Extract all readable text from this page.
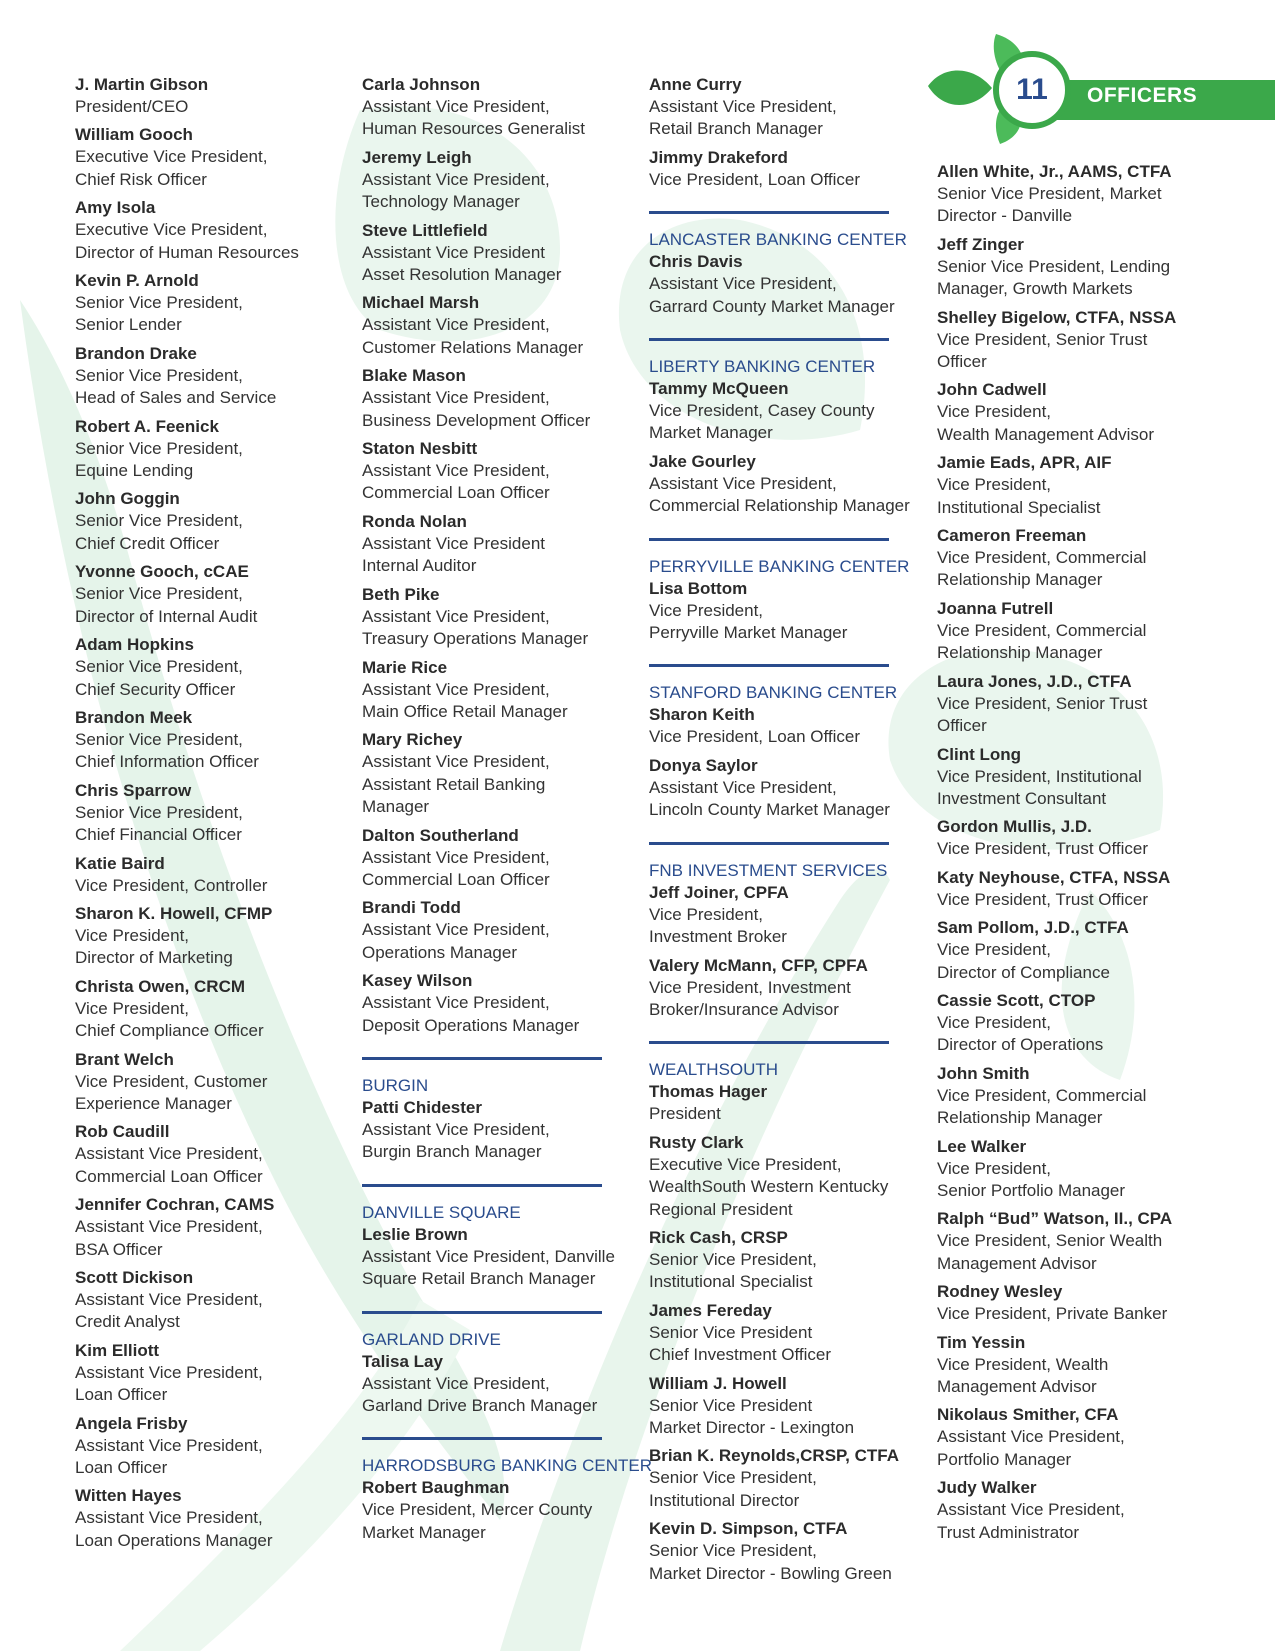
11 OFFICERS
J. Martin Gibson
President/CEO
William Gooch
Executive Vice President,
Chief Risk Officer
Amy Isola
Executive Vice President,
Director of Human Resources
Kevin P. Arnold
Senior Vice President,
Senior Lender
Brandon Drake
Senior Vice President,
Head of Sales and Service
Robert A. Feenick
Senior Vice President,
Equine Lending
John Goggin
Senior Vice President,
Chief Credit Officer
Yvonne Gooch, cCAE
Senior Vice President,
Director of Internal Audit
Adam Hopkins
Senior Vice President,
Chief Security Officer
Brandon Meek
Senior Vice President,
Chief Information Officer
Chris Sparrow
Senior Vice President,
Chief Financial Officer
Katie Baird
Vice President, Controller
Sharon K. Howell, CFMP
Vice President,
Director of Marketing
Christa Owen, CRCM
Vice President,
Chief Compliance Officer
Brant Welch
Vice President, Customer
Experience Manager
Rob Caudill
Assistant Vice President,
Commercial Loan Officer
Jennifer Cochran, CAMS
Assistant Vice President,
BSA Officer
Scott Dickison
Assistant Vice President,
Credit Analyst
Kim Elliott
Assistant Vice President,
Loan Officer
Angela Frisby
Assistant Vice President,
Loan Officer
Witten Hayes
Assistant Vice President,
Loan Operations Manager
Carla Johnson
Assistant Vice President,
Human Resources Generalist
Jeremy Leigh
Assistant Vice President,
Technology Manager
Steve Littlefield
Assistant Vice President
Asset Resolution Manager
Michael Marsh
Assistant Vice President,
Customer Relations Manager
Blake Mason
Assistant Vice President,
Business Development Officer
Staton Nesbitt
Assistant Vice President,
Commercial Loan Officer
Ronda Nolan
Assistant Vice President
Internal Auditor
Beth Pike
Assistant Vice President,
Treasury Operations Manager
Marie Rice
Assistant Vice President,
Main Office Retail Manager
Mary Richey
Assistant Vice President,
Assistant Retail Banking
Manager
Dalton Southerland
Assistant Vice President,
Commercial Loan Officer
Brandi Todd
Assistant Vice President,
Operations Manager
Kasey Wilson
Assistant Vice President,
Deposit Operations Manager
BURGIN
Patti Chidester
Assistant Vice President,
Burgin Branch Manager
DANVILLE SQUARE
Leslie Brown
Assistant Vice President, Danville
Square Retail Branch Manager
GARLAND DRIVE
Talisa Lay
Assistant Vice President,
Garland Drive Branch Manager
HARRODSBURG BANKING CENTER
Robert Baughman
Vice President, Mercer County
Market Manager
Anne Curry
Assistant Vice President,
Retail Branch Manager
Jimmy Drakeford
Vice President, Loan Officer
LANCASTER BANKING CENTER
Chris Davis
Assistant Vice President,
Garrard County Market Manager
LIBERTY BANKING CENTER
Tammy McQueen
Vice President, Casey County
Market Manager
Jake Gourley
Assistant Vice President,
Commercial Relationship Manager
PERRYVILLE BANKING CENTER
Lisa Bottom
Vice President,
Perryville Market Manager
STANFORD BANKING CENTER
Sharon Keith
Vice President, Loan Officer
Donya Saylor
Assistant Vice President,
Lincoln County Market Manager
FNB INVESTMENT SERVICES
Jeff Joiner, CPFA
Vice President,
Investment Broker
Valery McMann, CFP, CPFA
Vice President, Investment
Broker/Insurance Advisor
WEALTHSOUTH
Thomas Hager
President
Rusty Clark
Executive Vice President,
WealthSouth Western Kentucky
Regional President
Rick Cash, CRSP
Senior Vice President,
Institutional Specialist
James Fereday
Senior Vice President
Chief Investment Officer
William J. Howell
Senior Vice President
Market Director - Lexington
Brian K. Reynolds,CRSP, CTFA
Senior Vice President,
Institutional Director
Kevin D. Simpson, CTFA
Senior Vice President,
Market Director - Bowling Green
Allen White, Jr., AAMS, CTFA
Senior Vice President, Market
Director - Danville
Jeff Zinger
Senior Vice President, Lending
Manager, Growth Markets
Shelley Bigelow, CTFA, NSSA
Vice President, Senior Trust
Officer
John Cadwell
Vice President,
Wealth Management Advisor
Jamie Eads, APR, AIF
Vice President,
Institutional Specialist
Cameron Freeman
Vice President, Commercial
Relationship Manager
Joanna Futrell
Vice President, Commercial
Relationship Manager
Laura Jones, J.D., CTFA
Vice President, Senior Trust
Officer
Clint Long
Vice President, Institutional
Investment Consultant
Gordon Mullis, J.D.
Vice President, Trust Officer
Katy Neyhouse, CTFA, NSSA
Vice President, Trust Officer
Sam Pollom, J.D., CTFA
Vice President,
Director of Compliance
Cassie Scott, CTOP
Vice President,
Director of Operations
John Smith
Vice President, Commercial
Relationship Manager
Lee Walker
Vice President,
Senior Portfolio Manager
Ralph “Bud” Watson, II., CPA
Vice President, Senior Wealth
Management Advisor
Rodney Wesley
Vice President, Private Banker
Tim Yessin
Vice President, Wealth
Management Advisor
Nikolaus Smither, CFA
Assistant Vice President,
Portfolio Manager
Judy Walker
Assistant Vice President,
Trust Administrator
